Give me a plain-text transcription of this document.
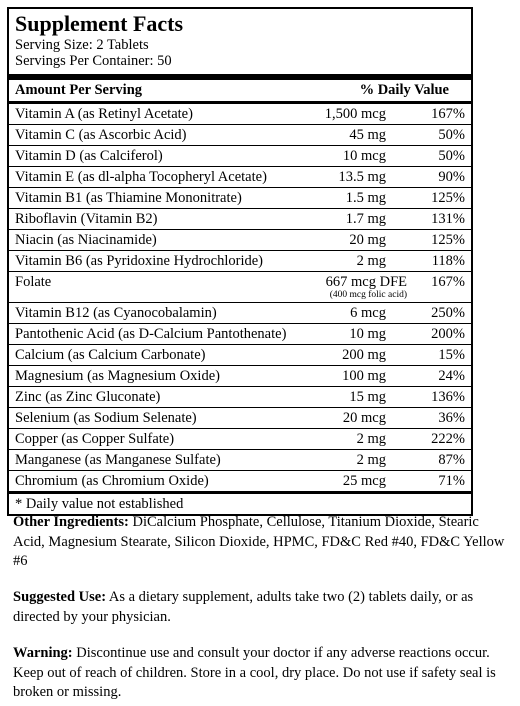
Supplement Facts
Serving Size: 2 Tablets
Servings Per Container: 50
Amount Per Serving	% Daily Value
Vitamin A (as Retinyl Acetate)	1,500 mcg	167%
Vitamin C (as Ascorbic Acid)	45 mg	50%
Vitamin D (as Calciferol)	10 mcg	50%
Vitamin E (as dl-alpha Tocopheryl Acetate)	13.5 mg	90%
Vitamin B1 (as Thiamine Mononitrate)	1.5 mg	125%
Riboflavin (Vitamin B2)	1.7 mg	131%
Niacin (as Niacinamide)	20 mg	125%
Vitamin B6 (as Pyridoxine Hydrochloride)	2 mg	118%
Folate	667 mcg DFE 167%
(400 mcg folic acid)
Vitamin B12 (as Cyanocobalamin)	6 mcg	250%
Pantothenic Acid (as D-Calcium Pantothenate)	10 mg	200%
Calcium (as Calcium Carbonate)	200 mg	15%
Magnesium (as Magnesium Oxide)	100 mg	24%
Zinc (as Zinc Gluconate)	15 mg	136%
Selenium (as Sodium Selenate)	20 mcg	36%
Copper (as Copper Sulfate)	2 mg	222%
Manganese (as Manganese Sulfate)	2 mg	87%
Chromium (as Chromium Oxide)	25 mcg	71%
* Daily value not established
Other Ingredients: DiCalcium Phosphate, Cellulose, Titanium Dioxide, Stearic Acid, Magnesium Stearate, Silicon Dioxide, HPMC, FD&C Red #40, FD&C Yellow #6
Suggested Use: As a dietary supplement, adults take two (2) tablets daily, or as directed by your physician.
Warning: Discontinue use and consult your doctor if any adverse reactions occur. Keep out of reach of children. Store in a cool, dry place. Do not use if safety seal is broken or missing.
